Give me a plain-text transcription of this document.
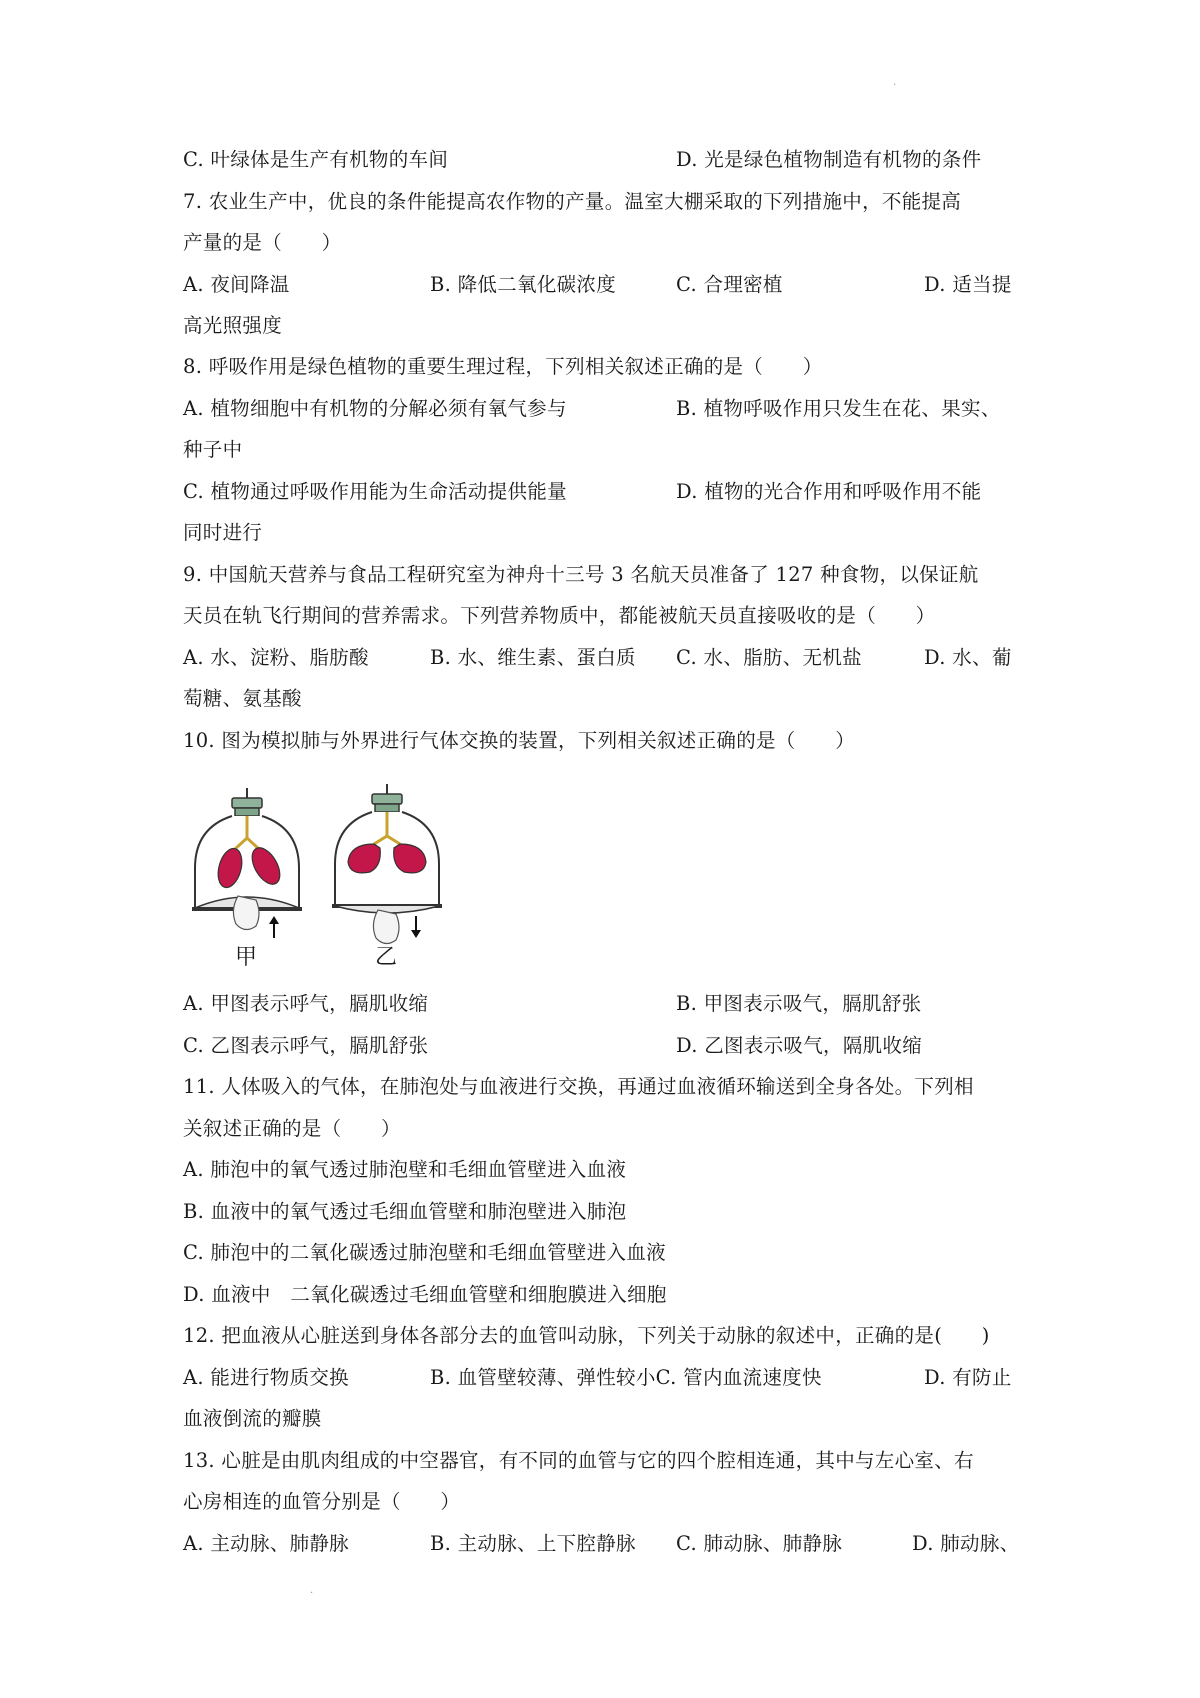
·
C. 叶绿体是生产有机物的车间	D. 光是绿色植物制造有机物的条件
7. 农业生产中，优良的条件能提高农作物的产量。温室大棚采取的下列措施中，不能提高
产量的是（　　）
A. 夜间降温	B. 降低二氧化碳浓度	C. 合理密植	D. 适当提
高光照强度
8. 呼吸作用是绿色植物的重要生理过程，下列相关叙述正确的是（　　）
A. 植物细胞中有机物的分解必须有氧气参与	B. 植物呼吸作用只发生在花、果实、
种子中
C. 植物通过呼吸作用能为生命活动提供能量	D. 植物的光合作用和呼吸作用不能
同时进行
9. 中国航天营养与食品工程研究室为神舟十三号 3 名航天员准备了 127 种食物，以保证航
天员在轨飞行期间的营养需求。下列营养物质中，都能被航天员直接吸收的是（　　）
A. 水、淀粉、脂肪酸	B. 水、维生素、蛋白质 C. 水、脂肪、无机盐	D. 水、葡
萄糖、氨基酸
10. 图为模拟肺与外界进行气体交换的装置，下列相关叙述正确的是（　　）
甲	乙
A. 甲图表示呼气，膈肌收缩	B. 甲图表示吸气，膈肌舒张
C. 乙图表示呼气，膈肌舒张	D. 乙图表示吸气，隔肌收缩
11. 人体吸入的气体，在肺泡处与血液进行交换，再通过血液循环输送到全身各处。下列相
关叙述正确的是（　　）
A. 肺泡中的氧气透过肺泡壁和毛细血管壁进入血液
B. 血液中的氧气透过毛细血管壁和肺泡壁进入肺泡
C. 肺泡中的二氧化碳透过肺泡壁和毛细血管壁进入血液
D. 血液中　二氧化碳透过毛细血管壁和细胞膜进入细胞
12. 把血液从心脏送到身体各部分去的血管叫动脉，下列关于动脉的叙述中，正确的是(　　)
A. 能进行物质交换	B. 血管壁较薄、弹性较小C. 管内血流速度快	D. 有防止
血液倒流的瓣膜
13. 心脏是由肌肉组成的中空器官，有不同的血管与它的四个腔相连通，其中与左心室、右
心房相连的血管分别是（　　）
A. 主动脉、肺静脉	B. 主动脉、上下腔静脉 C. 肺动脉、肺静脉	D. 肺动脉、
·
